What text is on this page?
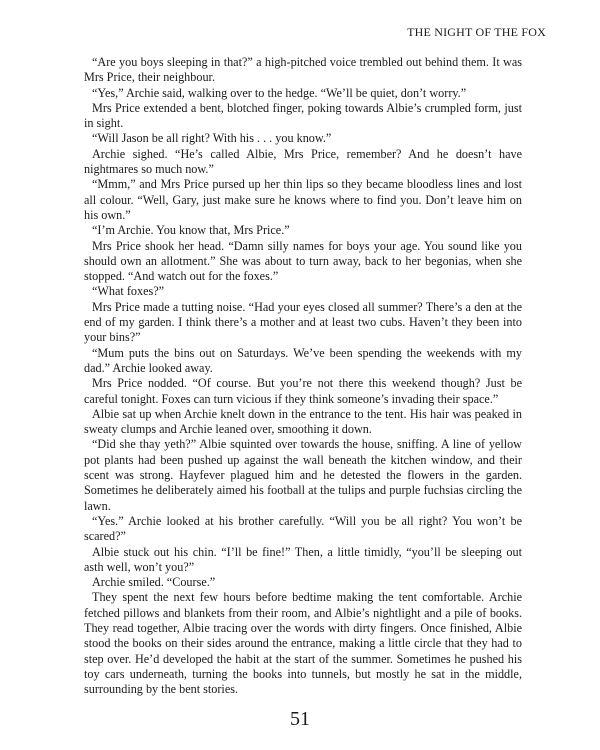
THE NIGHT OF THE FOX

“Are you boys sleeping in that?” a high-pitched voice trembled out behind them. It was Mrs Price, their neighbour.

“Yes,” Archie said, walking over to the hedge. “We’ll be quiet, don’t worry.”

Mrs Price extended a bent, blotched finger, poking towards Albie’s crumpled form, just in sight.

“Will Jason be all right? With his . . . you know.”

Archie sighed. “He’s called Albie, Mrs Price, remember? And he doesn’t have nightmares so much now.”

“Mmm,” and Mrs Price pursed up her thin lips so they became bloodless lines and lost all colour. “Well, Gary, just make sure he knows where to find you. Don’t leave him on his own.”

“I’m Archie. You know that, Mrs Price.”

Mrs Price shook her head. “Damn silly names for boys your age. You sound like you should own an allotment.” She was about to turn away, back to her begonias, when she stopped. “And watch out for the foxes.”

“What foxes?”

Mrs Price made a tutting noise. “Had your eyes closed all summer? There’s a den at the end of my garden. I think there’s a mother and at least two cubs. Haven’t they been into your bins?”

“Mum puts the bins out on Saturdays. We’ve been spending the weekends with my dad.” Archie looked away.

Mrs Price nodded. “Of course. But you’re not there this weekend though? Just be careful tonight. Foxes can turn vicious if they think someone’s invading their space.”

Albie sat up when Archie knelt down in the entrance to the tent. His hair was peaked in sweaty clumps and Archie leaned over, smoothing it down.

“Did she thay yeth?” Albie squinted over towards the house, sniffing. A line of yellow pot plants had been pushed up against the wall beneath the kitchen window, and their scent was strong. Hayfever plagued him and he detested the flowers in the garden. Sometimes he deliberately aimed his football at the tulips and purple fuchsias circling the lawn.

“Yes.” Archie looked at his brother carefully. “Will you be all right? You won’t be scared?”

Albie stuck out his chin. “I’ll be fine!” Then, a little timidly, “you’ll be sleeping out asth well, won’t you?”

Archie smiled. “Course.”

They spent the next few hours before bedtime making the tent comfortable. Archie fetched pillows and blankets from their room, and Albie’s nightlight and a pile of books. They read together, Albie tracing over the words with dirty fingers. Once finished, Albie stood the books on their sides around the entrance, making a little circle that they had to step over. He’d developed the habit at the start of the summer. Sometimes he pushed his toy cars underneath, turning the books into tunnels, but mostly he sat in the middle, surrounding by the bent stories.

51
